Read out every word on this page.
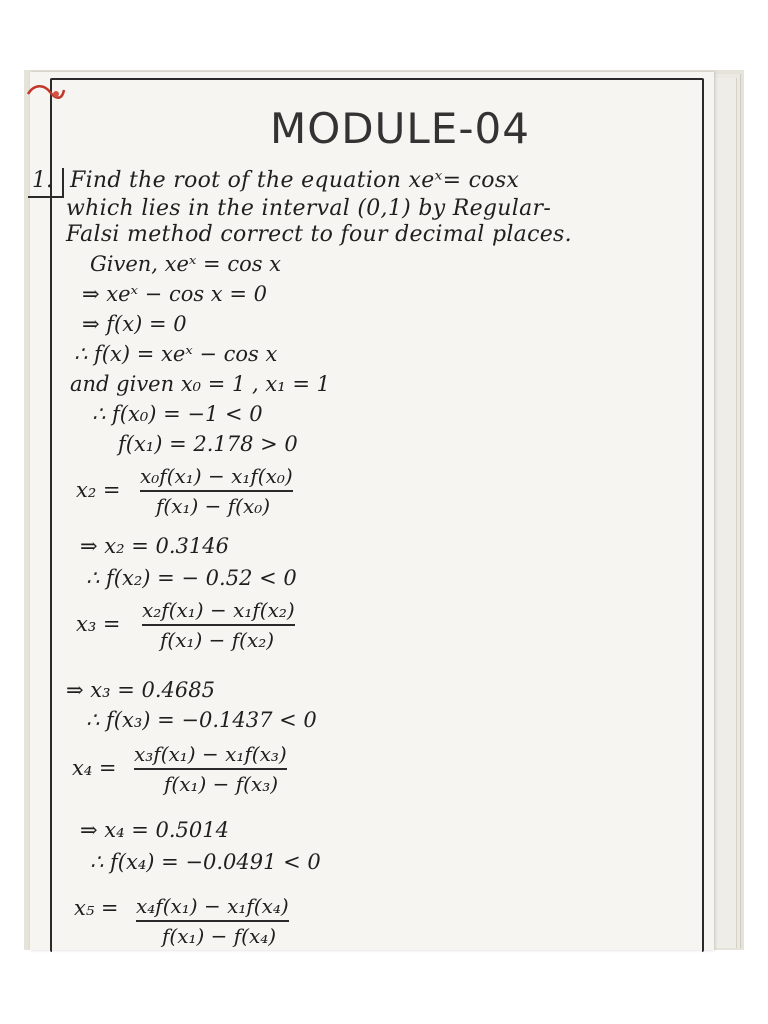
MODULE-04
1. Find the root of the equation xeˣ= cosx
which lies in the interval (0,1) by Regular-
Falsi method correct to four decimal places.
Given, xeˣ = cos x
⇒ xeˣ − cos x = 0
⇒ f(x) = 0
∴ f(x) = xeˣ − cos x
and given x₀ = 1 , x₁ = 1
∴ f(x₀) = −1 < 0
f(x₁) = 2.178 > 0
x₂ =
x₀f(x₁) − x₁f(x₀)
f(x₁) − f(x₀)
⇒ x₂ = 0.3146
∴ f(x₂) = − 0.52 < 0
x₃ =
x₂f(x₁) − x₁f(x₂)
f(x₁) − f(x₂)
⇒ x₃ = 0.4685
∴ f(x₃) = −0.1437 < 0
x₄ =
x₃f(x₁) − x₁f(x₃)
f(x₁) − f(x₃)
⇒ x₄ = 0.5014
∴ f(x₄) = −0.0491 < 0
x₅ = x₄f(x₁) − x₁f(x₄)
f(x₁) − f(x₄)
